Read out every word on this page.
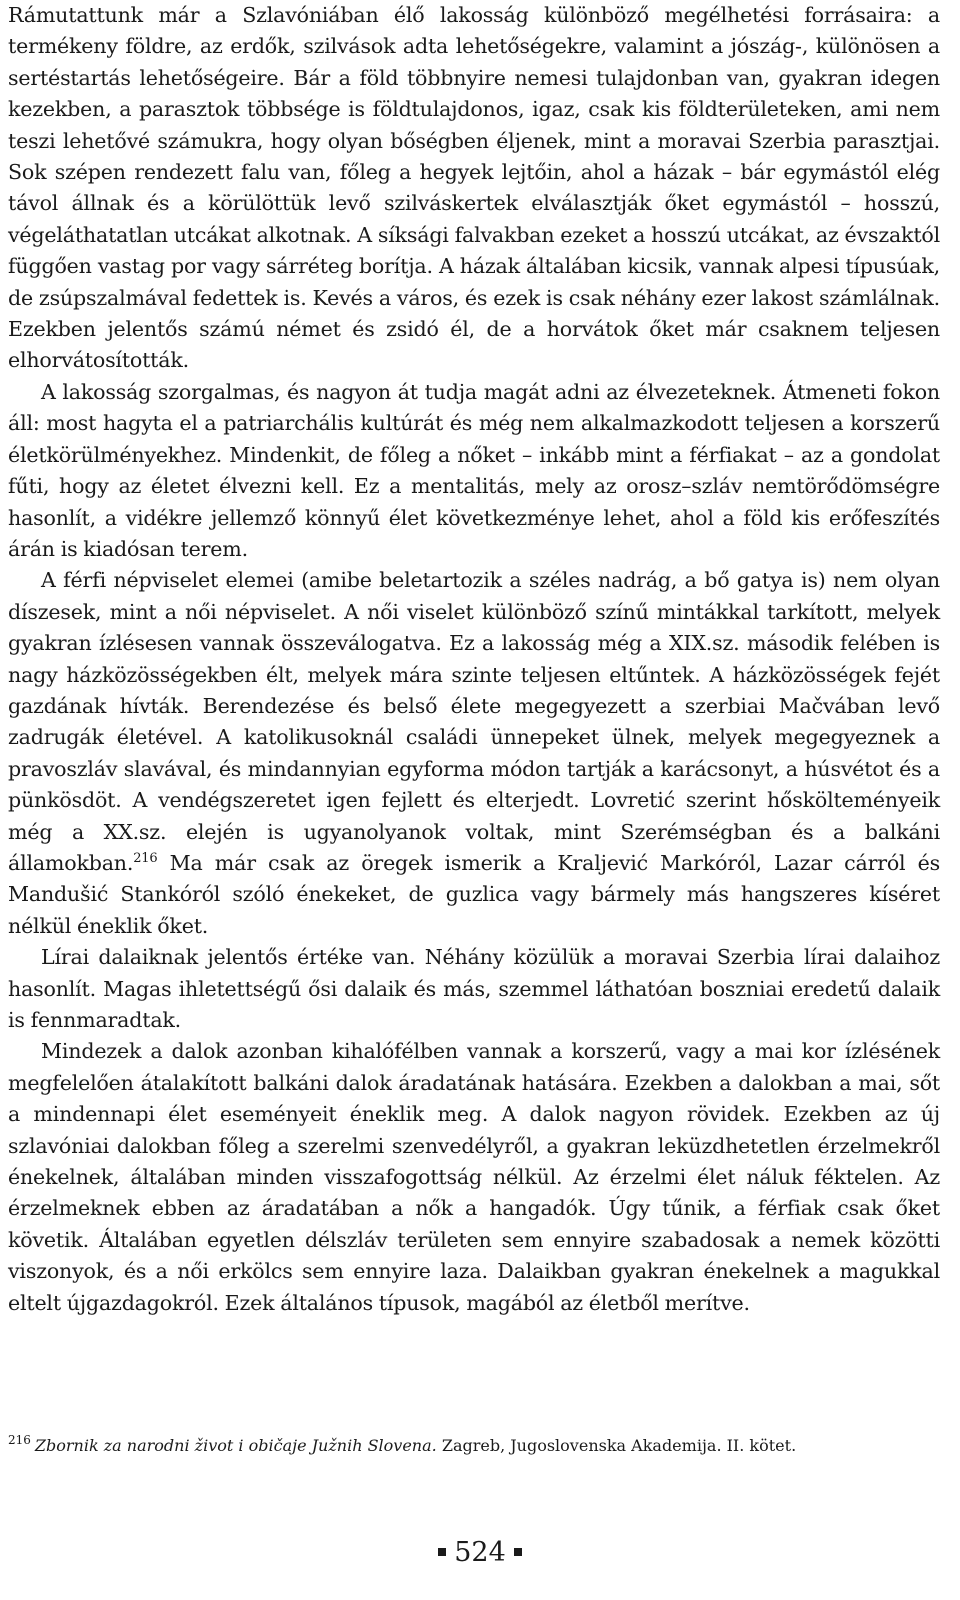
Rámutattunk már a Szlavóniában élő lakosság különböző megélhetési forrásaira: a termékeny földre, az erdők, szilvások adta lehetőségekre, valamint a jószág-, különösen a sertéstartás lehetőségeire. Bár a föld többnyire nemesi tulajdonban van, gyakran idegen kezekben, a parasztok többsége is földtulajdonos, igaz, csak kis földterületeken, ami nem teszi lehetővé számukra, hogy olyan bőségben éljenek, mint a moravai Szerbia parasztjai. Sok szépen rendezett falu van, főleg a hegyek lejtőin, ahol a házak – bár egymástól elég távol állnak és a körülöttük levő szilváskertek elválasztják őket egymástól – hosszú, végeláthatatlan utcákat alkotnak. A síksági falvakban ezeket a hosszú utcákat, az évszaktól függően vastag por vagy sárréteg borítja. A házak általában kicsik, vannak alpesi típusúak, de zsúpszalmával fedettek is. Kevés a város, és ezek is csak néhány ezer lakost számlálnak. Ezekben jelentős számú német és zsidó él, de a horvátok őket már csaknem teljesen elhorvátosították.

A lakosság szorgalmas, és nagyon át tudja magát adni az élvezeteknek. Átmeneti fokon áll: most hagyta el a patriarchális kultúrát és még nem alkalmazkodott teljesen a korszerű életkörülményekhez. Mindenkit, de főleg a nőket – inkább mint a férfiakat – az a gondolat fűti, hogy az életet élvezni kell. Ez a mentalitás, mely az orosz–szláv nemtörődömségre hasonlít, a vidékre jellemző könnyű élet következménye lehet, ahol a föld kis erőfeszítés árán is kiadósan terem.

A férfi népviselet elemei (amibe beletartozik a széles nadrág, a bő gatya is) nem olyan díszesek, mint a női népviselet. A női viselet különböző színű mintákkal tarkított, melyek gyakran ízlésesen vannak összeválogatva. Ez a lakosság még a XIX.sz. második felében is nagy házközösségekben élt, melyek mára szinte teljesen eltűntek. A házközösségek fejét gazdának hívták. Berendezése és belső élete megegyezett a szerbiai Mačvában levő zadrugák életével. A katolikusoknál családi ünnepeket ülnek, melyek megegyeznek a pravoszláv slavával, és mindannyian egyforma módon tartják a karácsonyt, a húsvétot és a pünkösdöt. A vendégszeretet igen fejlett és elterjedt. Lovretić szerint hőskölteményeik még a XX.sz. elején is ugyanolyanok voltak, mint Szerémségban és a balkáni államokban.$^{216}$ Ma már csak az öregek ismerik a Kraljević Markóról, Lazar cárról és Mandušić Stankóról szóló énekeket, de guzlica vagy bármely más hangszeres kíséret nélkül éneklik őket.

Lírai dalaiknak jelentős értéke van. Néhány közülük a moravai Szerbia lírai dalaihoz hasonlít. Magas ihletettségű ősi dalaik és más, szemmel láthatóan boszniai eredetű dalaik is fennmaradtak.

Mindezek a dalok azonban kihalófélben vannak a korszerű, vagy a mai kor ízlésének megfelelően átalakított balkáni dalok áradatának hatására. Ezekben a dalokban a mai, sőt a mindennapi élet eseményeit éneklik meg. A dalok nagyon rövidek. Ezekben az új szlavóniai dalokban főleg a szerelmi szenvedélyről, a gyakran leküzdhetetlen érzelmekről énekelnek, általában minden visszafogottság nélkül. Az érzelmi élet náluk féktelen. Az érzelmeknek ebben az áradatában a nők a hangadók. Úgy tűnik, a férfiak csak őket követik. Általában egyetlen délszláv területen sem ennyire szabadosak a nemek közötti viszonyok, és a női erkölcs sem ennyire laza. Dalaikban gyakran énekelnek a magukkal eltelt újgazdagokról. Ezek általános típusok, magából az életből merítve.

$^{216}$ Zbornik za narodni život i običaje Južnih Slovena. Zagreb, Jugoslovenska Akademija. II. kötet.
524
